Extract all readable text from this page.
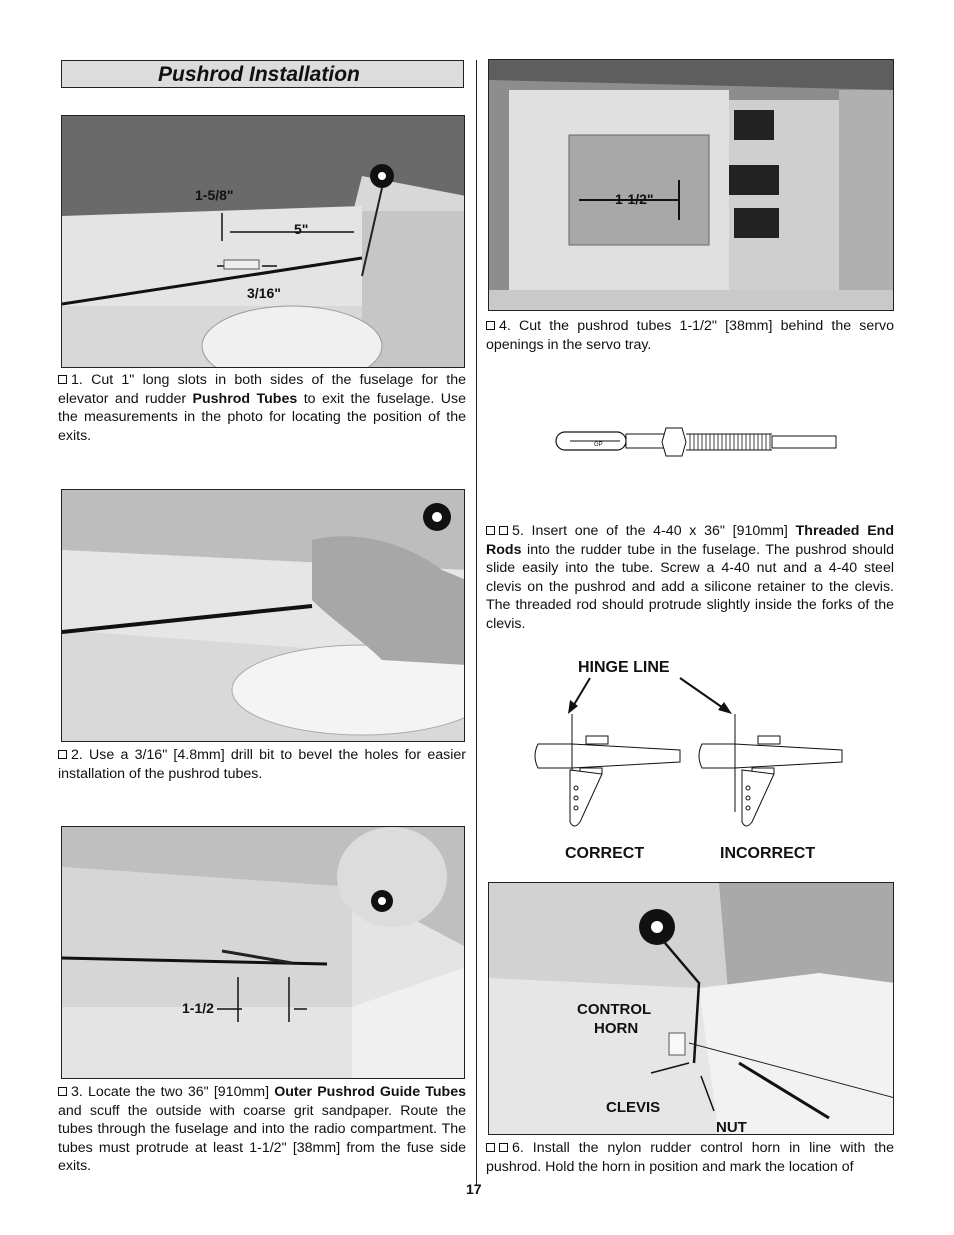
Pushrod Installation
1-5/8"
5"
3/16"
1. Cut 1" long slots in both sides of the fuselage for the elevator and rudder Pushrod Tubes to exit the fuselage. Use the measurements in the photo for locating the position of the exits.
2. Use a 3/16" [4.8mm] drill bit to bevel the holes for easier installation of the pushrod tubes.
1-1/2
3. Locate the two 36" [910mm] Outer Pushrod Guide Tubes and scuff the outside with coarse grit sandpaper. Route the tubes through the fuselage and into the radio compartment. The tubes must protrude at least 1-1/2" [38mm] from the fuse side exits.
1-1/2"
4. Cut the pushrod tubes 1-1/2" [38mm] behind the servo openings in the servo tray.
GP
5. Insert one of the 4-40 x 36" [910mm] Threaded End Rods into the rudder tube in the fuselage. The pushrod should slide easily into the tube. Screw a 4-40 nut and a 4-40 steel clevis on the pushrod and add a silicone retainer to the clevis. The threaded rod should protrude slightly inside the forks of the clevis.
HINGE LINE
CORRECT	INCORRECT
CONTROL
HORN
CLEVIS
NUT
6. Install the nylon rudder control horn in line with the pushrod. Hold the horn in position and mark the location of
17
